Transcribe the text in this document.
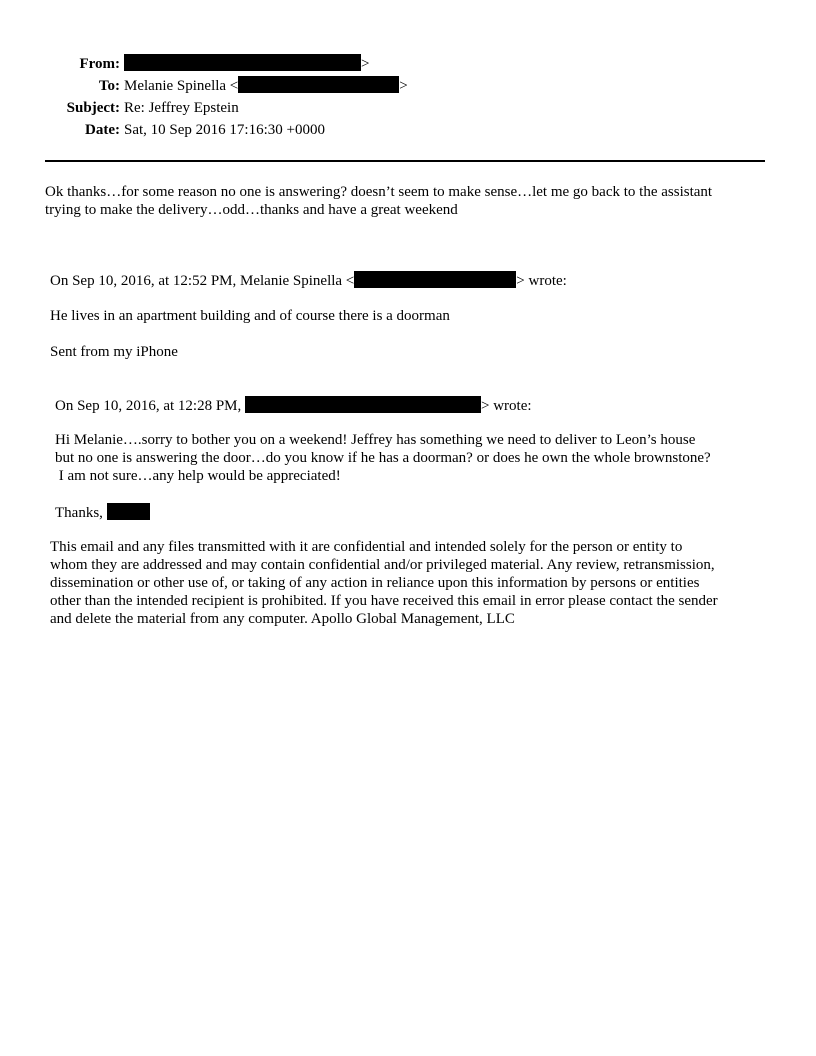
From:	>
To: Melanie Spinella <	>
Subject: Re: Jeffrey Epstein
Date: Sat, 10 Sep 2016 17:16:30 +0000
Ok thanks…for some reason no one is answering? doesn’t seem to make sense…let me go back to the assistant
trying to make the delivery…odd…thanks and have a great weekend
On Sep 10, 2016, at 12:52 PM, Melanie Spinella <	> wrote:
He lives in an apartment building and of course there is a doorman
Sent from my iPhone
On Sep 10, 2016, at 12:28 PM,	> wrote:
Hi Melanie….sorry to bother you on a weekend! Jeffrey has something we need to deliver to Leon’s house
but no one is answering the door…do you know if he has a doorman? or does he own the whole brownstone?
I am not sure…any help would be appreciated!
Thanks,
This email and any files transmitted with it are confidential and intended solely for the person or entity to
whom they are addressed and may contain confidential and/or privileged material. Any review, retransmission,
dissemination or other use of, or taking of any action in reliance upon this information by persons or entities
other than the intended recipient is prohibited. If you have received this email in error please contact the sender
and delete the material from any computer. Apollo Global Management, LLC
